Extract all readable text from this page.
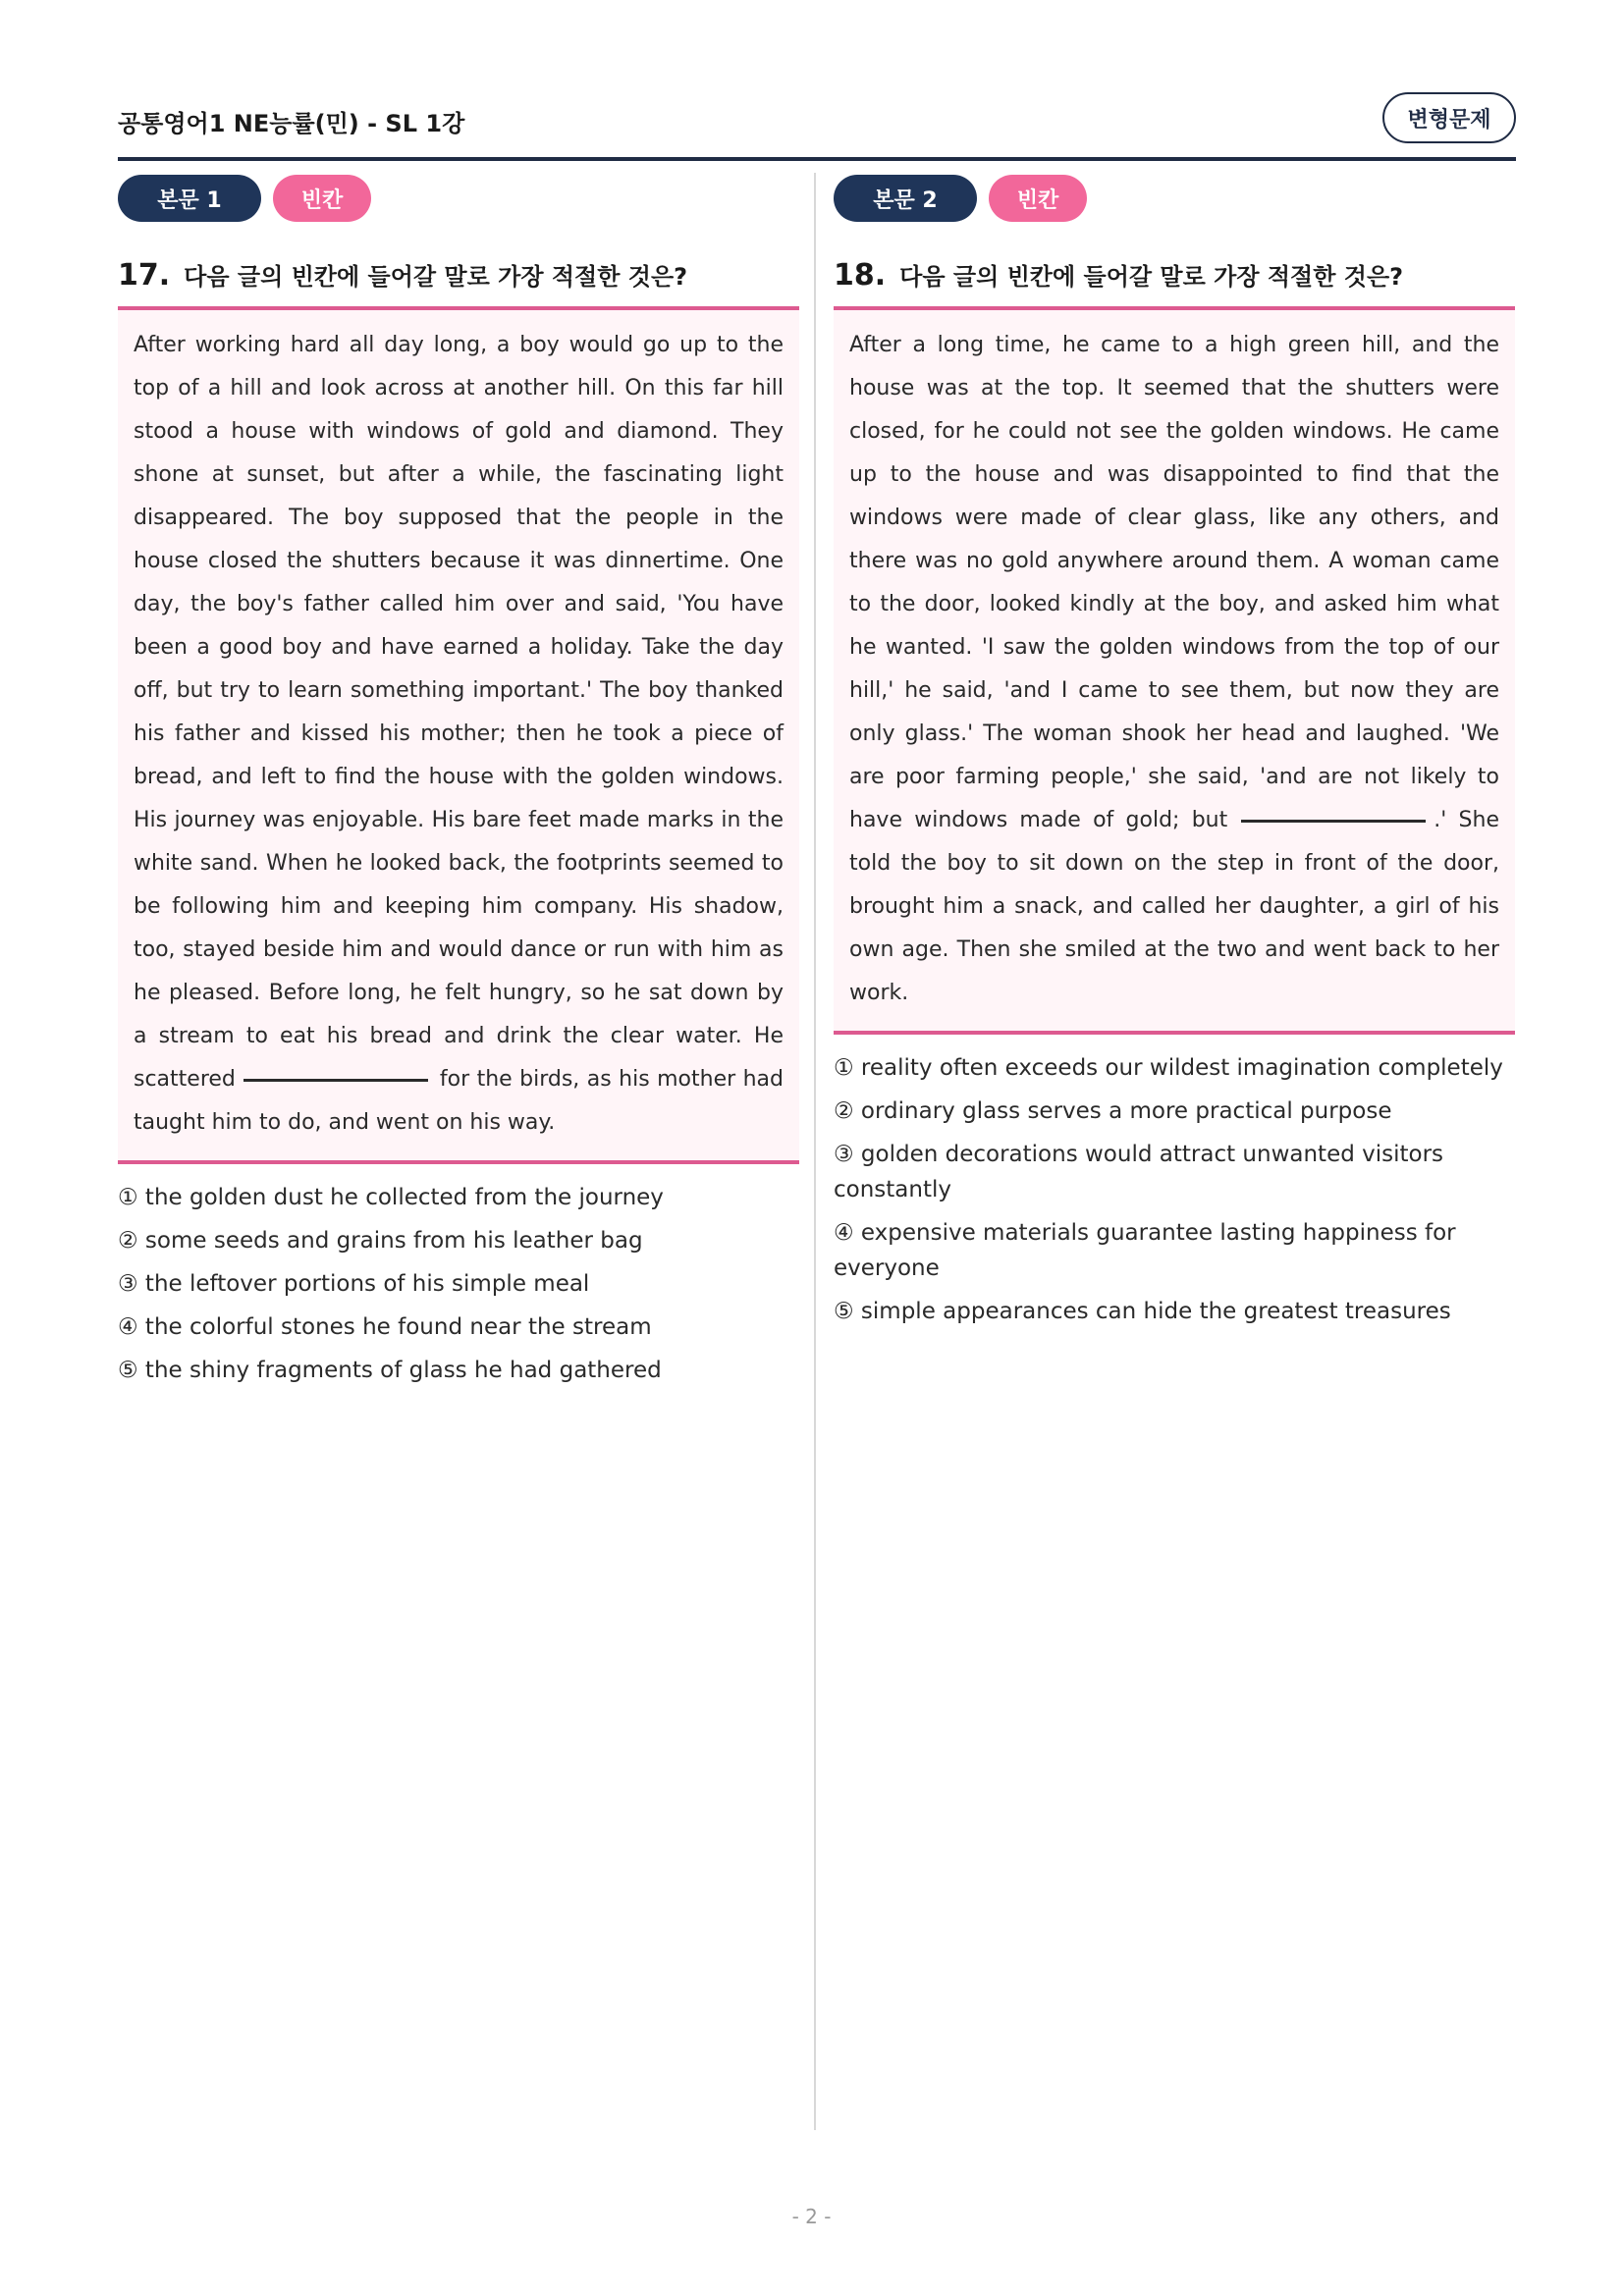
공통영어1 NE능률(민) - SL 1강	변형문제
본문 1	빈칸
17. 다음 글의 빈칸에 들어갈 말로 가장 적절한 것은?
After working hard all day long, a boy would go up to the top of a hill and look across at another hill. On this far hill stood a house with windows of gold and diamond. They shone at sunset, but after a while, the fascinating light disappeared. The boy supposed that the people in the house closed the shutters because it was dinnertime. One day, the boy's father called him over and said, 'You have been a good boy and have earned a holiday. Take the day off, but try to learn something important.' The boy thanked his father and kissed his mother; then he took a piece of bread, and left to find the house with the golden windows. His journey was enjoyable. His bare feet made marks in the white sand. When he looked back, the footprints seemed to be following him and keeping him company. His shadow, too, stayed beside him and would dance or run with him as he pleased. Before long, he felt hungry, so he sat down by a stream to eat his bread and drink the clear water. He scattered	for the birds, as his mother had taught him to do, and went on his way.
① the golden dust he collected from the journey
② some seeds and grains from his leather bag
③ the leftover portions of his simple meal
④ the colorful stones he found near the stream
⑤ the shiny fragments of glass he had gathered
본문 2	빈칸
18. 다음 글의 빈칸에 들어갈 말로 가장 적절한 것은?
After a long time, he came to a high green hill, and the house was at the top. It seemed that the shutters were closed, for he could not see the golden windows. He came up to the house and was disappointed to find that the windows were made of clear glass, like any others, and there was no gold anywhere around them. A woman came to the door, looked kindly at the boy, and asked him what he wanted. 'I saw the golden windows from the top of our hill,' he said, 'and I came to see them, but now they are only glass.' The woman shook her head and laughed. 'We are poor farming people,' she said, 'and are not likely to have windows made of gold; but	.' She told the boy to sit down on the step in front of the door, brought him a snack, and called her daughter, a girl of his own age. Then she smiled at the two and went back to her work.
① reality often exceeds our wildest imagination completely
② ordinary glass serves a more practical purpose
③ golden decorations would attract unwanted visitors constantly
④ expensive materials guarantee lasting happiness for everyone
⑤ simple appearances can hide the greatest treasures
- 2 -
